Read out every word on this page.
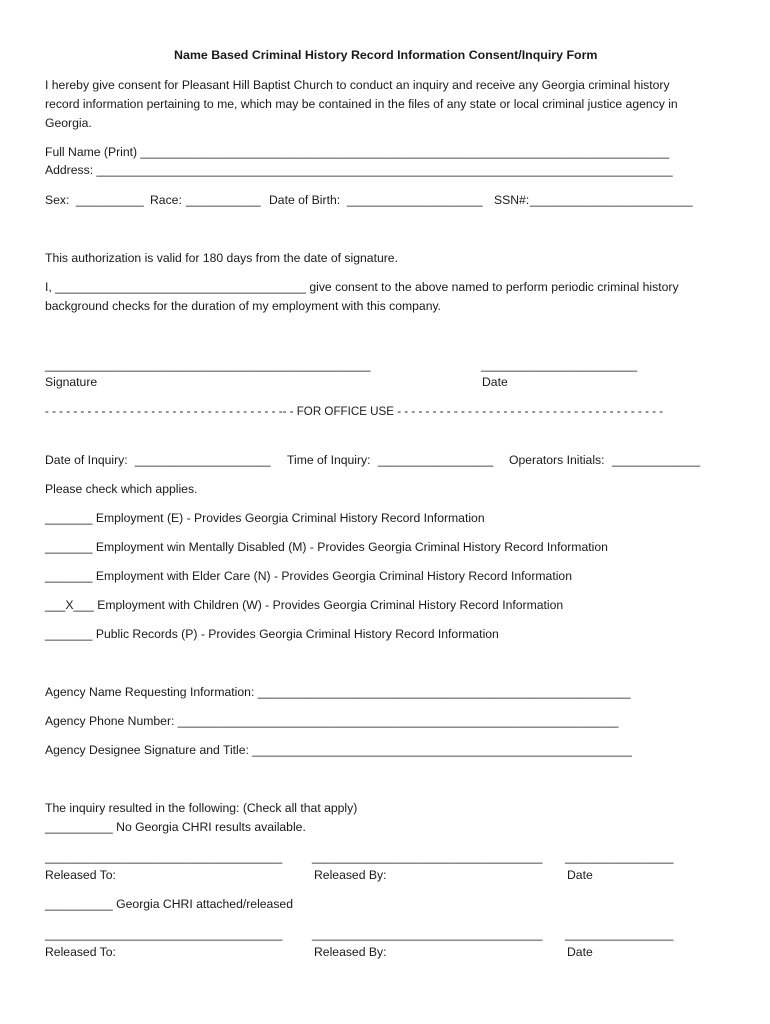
Name Based Criminal History Record Information Consent/Inquiry Form
I hereby give consent for Pleasant Hill Baptist Church to conduct an inquiry and receive any Georgia criminal history
record information pertaining to me, which may be contained in the files of any state or local criminal justice agency in
Georgia.
Full Name (Print) ______________________________________________________________________________
Address: _____________________________________________________________________________________
Sex: __________ Race: ___________ Date of Birth: ____________________ SSN#: ________________________
This authorization is valid for 180 days from the date of signature.
I, _____________________________________ give consent to the above named to perform periodic criminal history
background checks for the duration of my employment with this company.
________________________________________________
Signature
_______________________
Date
- - - - - - - - - - - - - - - - - - - - - - - - - - - - - - - - - -- - FOR OFFICE USE - - - - - - - - - - - - - - - - - - - - - - - - - - - - - - - - - - - - - -
Date of Inquiry: ____________________ Time of Inquiry: _________________ Operators Initials: _____________
Please check which applies.
_______ Employment (E) - Provides Georgia Criminal History Record Information
_______ Employment win Mentally Disabled (M) - Provides Georgia Criminal History Record Information
_______ Employment with Elder Care (N) - Provides Georgia Criminal History Record Information
___X___ Employment with Children (W) - Provides Georgia Criminal History Record Information
_______ Public Records (P) - Provides Georgia Criminal History Record Information
Agency Name Requesting Information: _______________________________________________________
Agency Phone Number: _________________________________________________________________
Agency Designee Signature and Title: ________________________________________________________
The inquiry resulted in the following: (Check all that apply)
__________ No Georgia CHRI results available.
___________________________________
Released To:
__________________________________
Released By:
________________
Date
__________ Georgia CHRI attached/released
___________________________________
Released To:
__________________________________
Released By:
________________
Date
